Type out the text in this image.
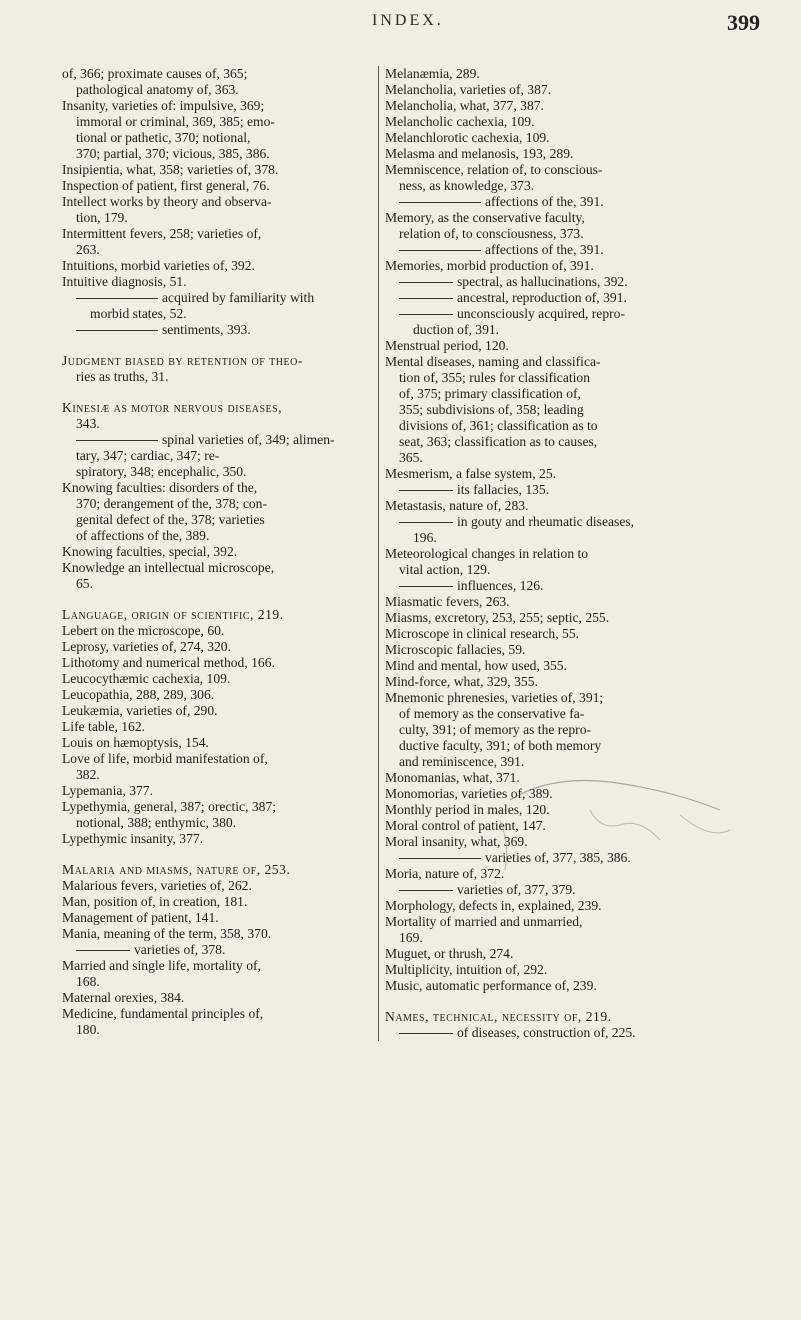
INDEX.	399
of, 366; proximate causes of, 365;
pathological anatomy of, 363.
Insanity, varieties of: impulsive, 369;
immoral or criminal, 369, 385; emo-
tional or pathetic, 370; notional,
370; partial, 370; vicious, 385, 386.
Insipientia, what, 358; varieties of, 378.
Inspection of patient, first general, 76.
Intellect works by theory and observa-
tion, 179.
Intermittent fevers, 258; varieties of,
263.
Intuitions, morbid varieties of, 392.
Intuitive diagnosis, 51.
acquired by familiarity with
morbid states, 52.
sentiments, 393.
Judgment biased by retention of theo-
ries as truths, 31.
Kinesiæ as motor nervous diseases,
343.
spinal varieties of, 349; alimen-
tary, 347; cardiac, 347; re-
spiratory, 348; encephalic, 350.
Knowing faculties: disorders of the,
370; derangement of the, 378; con-
genital defect of the, 378; varieties
of affections of the, 389.
Knowing faculties, special, 392.
Knowledge an intellectual microscope,
65.
Language, origin of scientific, 219.
Lebert on the microscope, 60.
Leprosy, varieties of, 274, 320.
Lithotomy and numerical method, 166.
Leucocythæmic cachexia, 109.
Leucopathia, 288, 289, 306.
Leukæmia, varieties of, 290.
Life table, 162.
Louis on hæmoptysis, 154.
Love of life, morbid manifestation of,
382.
Lypemania, 377.
Lypethymia, general, 387; orectic, 387;
notional, 388; enthymic, 380.
Lypethymic insanity, 377.
Malaria and miasms, nature of, 253.
Malarious fevers, varieties of, 262.
Man, position of, in creation, 181.
Management of patient, 141.
Mania, meaning of the term, 358, 370.
varieties of, 378.
Married and single life, mortality of,
168.
Maternal orexies, 384.
Medicine, fundamental principles of,
180.
Melanæmia, 289.
Melancholia, varieties of, 387.
Melancholia, what, 377, 387.
Melancholic cachexia, 109.
Melanchlorotic cachexia, 109.
Melasma and melanosis, 193, 289.
Memniscence, relation of, to conscious-
ness, as knowledge, 373.
affections of the, 391.
Memory, as the conservative faculty,
relation of, to consciousness, 373.
affections of the, 391.
Memories, morbid production of, 391.
spectral, as hallucinations, 392.
ancestral, reproduction of, 391.
unconsciously acquired, repro-
duction of, 391.
Menstrual period, 120.
Mental diseases, naming and classifica-
tion of, 355; rules for classification
of, 375; primary classification of,
355; subdivisions of, 358; leading
divisions of, 361; classification as to
seat, 363; classification as to causes,
365.
Mesmerism, a false system, 25.
its fallacies, 135.
Metastasis, nature of, 283.
in gouty and rheumatic diseases,
196.
Meteorological changes in relation to
vital action, 129.
influences, 126.
Miasmatic fevers, 263.
Miasms, excretory, 253, 255; septic, 255.
Microscope in clinical research, 55.
Microscopic fallacies, 59.
Mind and mental, how used, 355.
Mind-force, what, 329, 355.
Mnemonic phrenesies, varieties of, 391;
of memory as the conservative fa-
culty, 391; of memory as the repro-
ductive faculty, 391; of both memory
and reminiscence, 391.
Monomanias, what, 371.
Monomorias, varieties of, 389.
Monthly period in males, 120.
Moral control of patient, 147.
Moral insanity, what, 369.
varieties of, 377, 385, 386.
Moria, nature of, 372.
varieties of, 377, 379.
Morphology, defects in, explained, 239.
Mortality of married and unmarried,
169.
Muguet, or thrush, 274.
Multiplicity, intuition of, 292.
Music, automatic performance of, 239.
Names, technical, necessity of, 219.
of diseases, construction of, 225.
